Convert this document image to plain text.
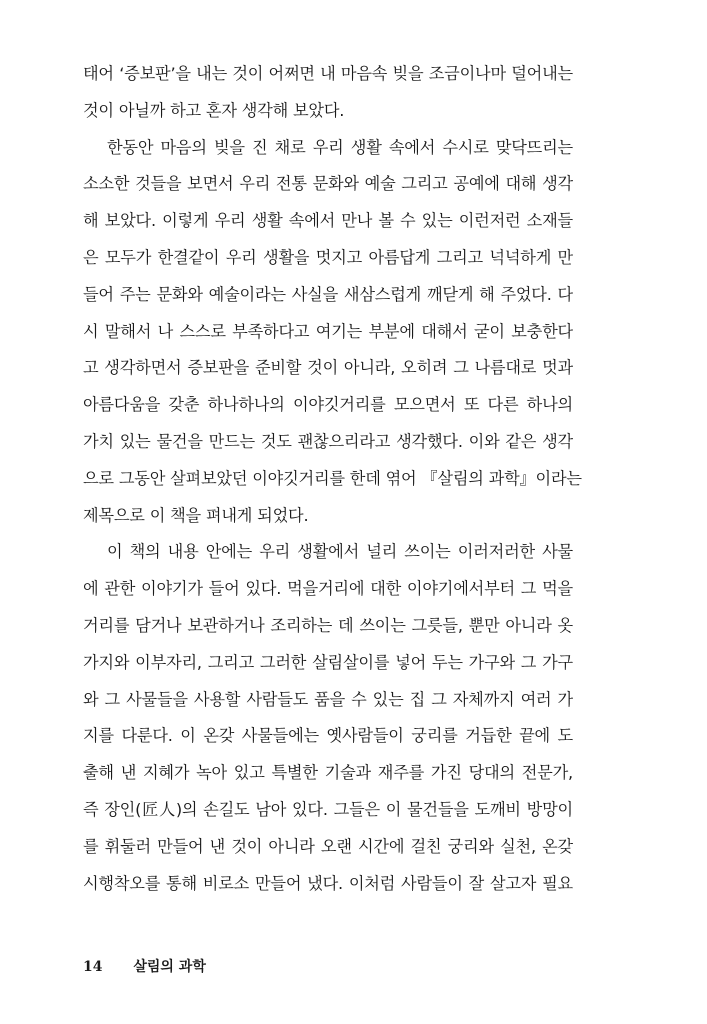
태어 ‘증보판’을 내는 것이 어쩌면 내 마음속 빚을 조금이나마 덜어내는
것이 아닐까 하고 혼자 생각해 보았다.
한동안 마음의 빚을 진 채로 우리 생활 속에서 수시로 맞닥뜨리는
소소한 것들을 보면서 우리 전통 문화와 예술 그리고 공예에 대해 생각
해 보았다. 이렇게 우리 생활 속에서 만나 볼 수 있는 이런저런 소재들
은 모두가 한결같이 우리 생활을 멋지고 아름답게 그리고 넉넉하게 만
들어 주는 문화와 예술이라는 사실을 새삼스럽게 깨닫게 해 주었다. 다
시 말해서 나 스스로 부족하다고 여기는 부분에 대해서 굳이 보충한다
고 생각하면서 증보판을 준비할 것이 아니라, 오히려 그 나름대로 멋과
아름다움을 갖춘 하나하나의 이야깃거리를 모으면서 또 다른 하나의
가치 있는 물건을 만드는 것도 괜찮으리라고 생각했다. 이와 같은 생각
으로 그동안 살펴보았던 이야깃거리를 한데 엮어 『살림의 과학』이라는
제목으로 이 책을 펴내게 되었다.
이 책의 내용 안에는 우리 생활에서 널리 쓰이는 이러저러한 사물
에 관한 이야기가 들어 있다. 먹을거리에 대한 이야기에서부터 그 먹을
거리를 담거나 보관하거나 조리하는 데 쓰이는 그릇들, 뿐만 아니라 옷
가지와 이부자리, 그리고 그러한 살림살이를 넣어 두는 가구와 그 가구
와 그 사물들을 사용할 사람들도 품을 수 있는 집 그 자체까지 여러 가
지를 다룬다. 이 온갖 사물들에는 옛사람들이 궁리를 거듭한 끝에 도
출해 낸 지혜가 녹아 있고 특별한 기술과 재주를 가진 당대의 전문가,
즉 장인(匠人)의 손길도 남아 있다. 그들은 이 물건들을 도깨비 방망이
를 휘둘러 만들어 낸 것이 아니라 오랜 시간에 걸친 궁리와 실천, 온갖
시행착오를 통해 비로소 만들어 냈다. 이처럼 사람들이 잘 살고자 필요
14 살림의 과학
